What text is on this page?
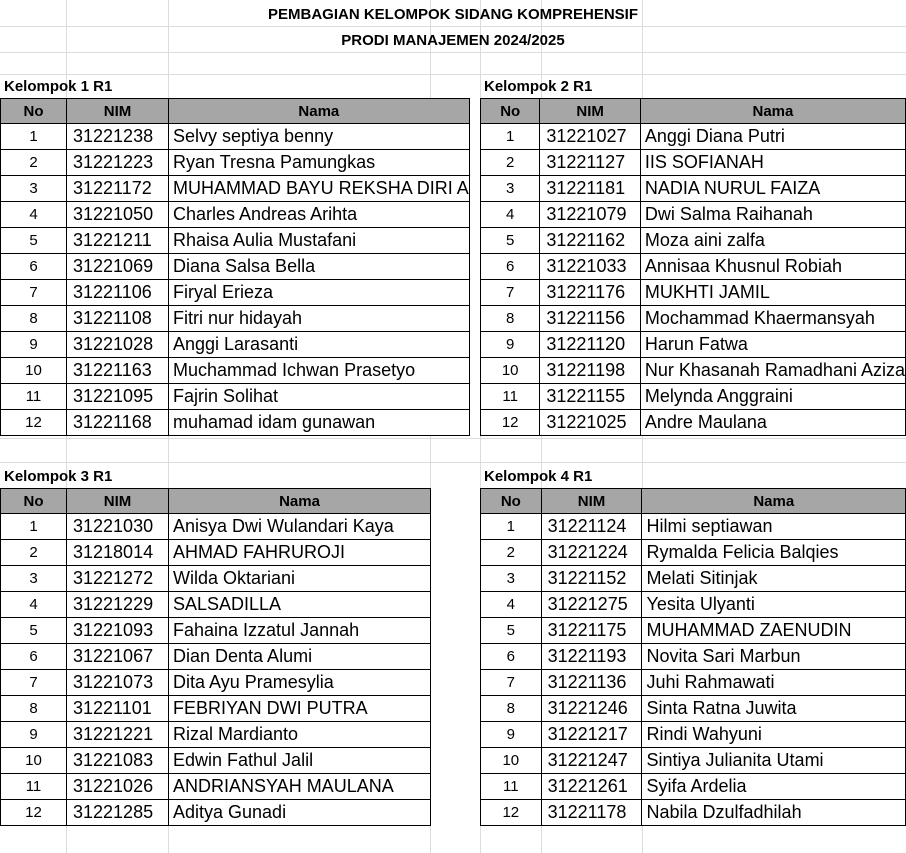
PEMBAGIAN KELOMPOK SIDANG KOMPREHENSIF
PRODI MANAJEMEN 2024/2025
Kelompok 1 R1
No	NIM	Nama
1	31221238	Selvy septiya benny
2	31221223	Ryan Tresna Pamungkas
3	31221172	MUHAMMAD BAYU REKSHA DIRI A
4	31221050	Charles Andreas Arihta
5	31221211	Rhaisa Aulia Mustafani
6	31221069	Diana Salsa Bella
7	31221106	Firyal Erieza
8	31221108	Fitri nur hidayah
9	31221028	Anggi Larasanti
10	31221163	Muchammad Ichwan Prasetyo
11	31221095	Fajrin Solihat
12	31221168	muhamad idam gunawan
Kelompok 2 R1
No	NIM	Nama
1	31221027	Anggi Diana Putri
2	31221127	IIS SOFIANAH
3	31221181	NADIA NURUL FAIZA
4	31221079	Dwi Salma Raihanah
5	31221162	Moza aini zalfa
6	31221033	Annisaa Khusnul Robiah
7	31221176	MUKHTI JAMIL
8	31221156	Mochammad Khaermansyah
9	31221120	Harun Fatwa
10	31221198	Nur Khasanah Ramadhani Aziza
11	31221155	Melynda Anggraini
12	31221025	Andre Maulana
Kelompok 3 R1
No	NIM	Nama
1	31221030	Anisya Dwi Wulandari Kaya
2	31218014	AHMAD FAHRUROJI
3	31221272	Wilda Oktariani
4	31221229	SALSADILLA
5	31221093	Fahaina Izzatul Jannah
6	31221067	Dian Denta Alumi
7	31221073	Dita Ayu Pramesylia
8	31221101	FEBRIYAN DWI PUTRA
9	31221221	Rizal Mardianto
10	31221083	Edwin Fathul Jalil
11	31221026	ANDRIANSYAH MAULANA
12	31221285	Aditya Gunadi
Kelompok 4 R1
No	NIM	Nama
1	31221124	Hilmi septiawan
2	31221224	Rymalda Felicia Balqies
3	31221152	Melati Sitinjak
4	31221275	Yesita Ulyanti
5	31221175	MUHAMMAD ZAENUDIN
6	31221193	Novita Sari Marbun
7	31221136	Juhi Rahmawati
8	31221246	Sinta Ratna Juwita
9	31221217	Rindi Wahyuni
10	31221247	Sintiya Julianita Utami
11	31221261	Syifa Ardelia
12	31221178	Nabila Dzulfadhilah
